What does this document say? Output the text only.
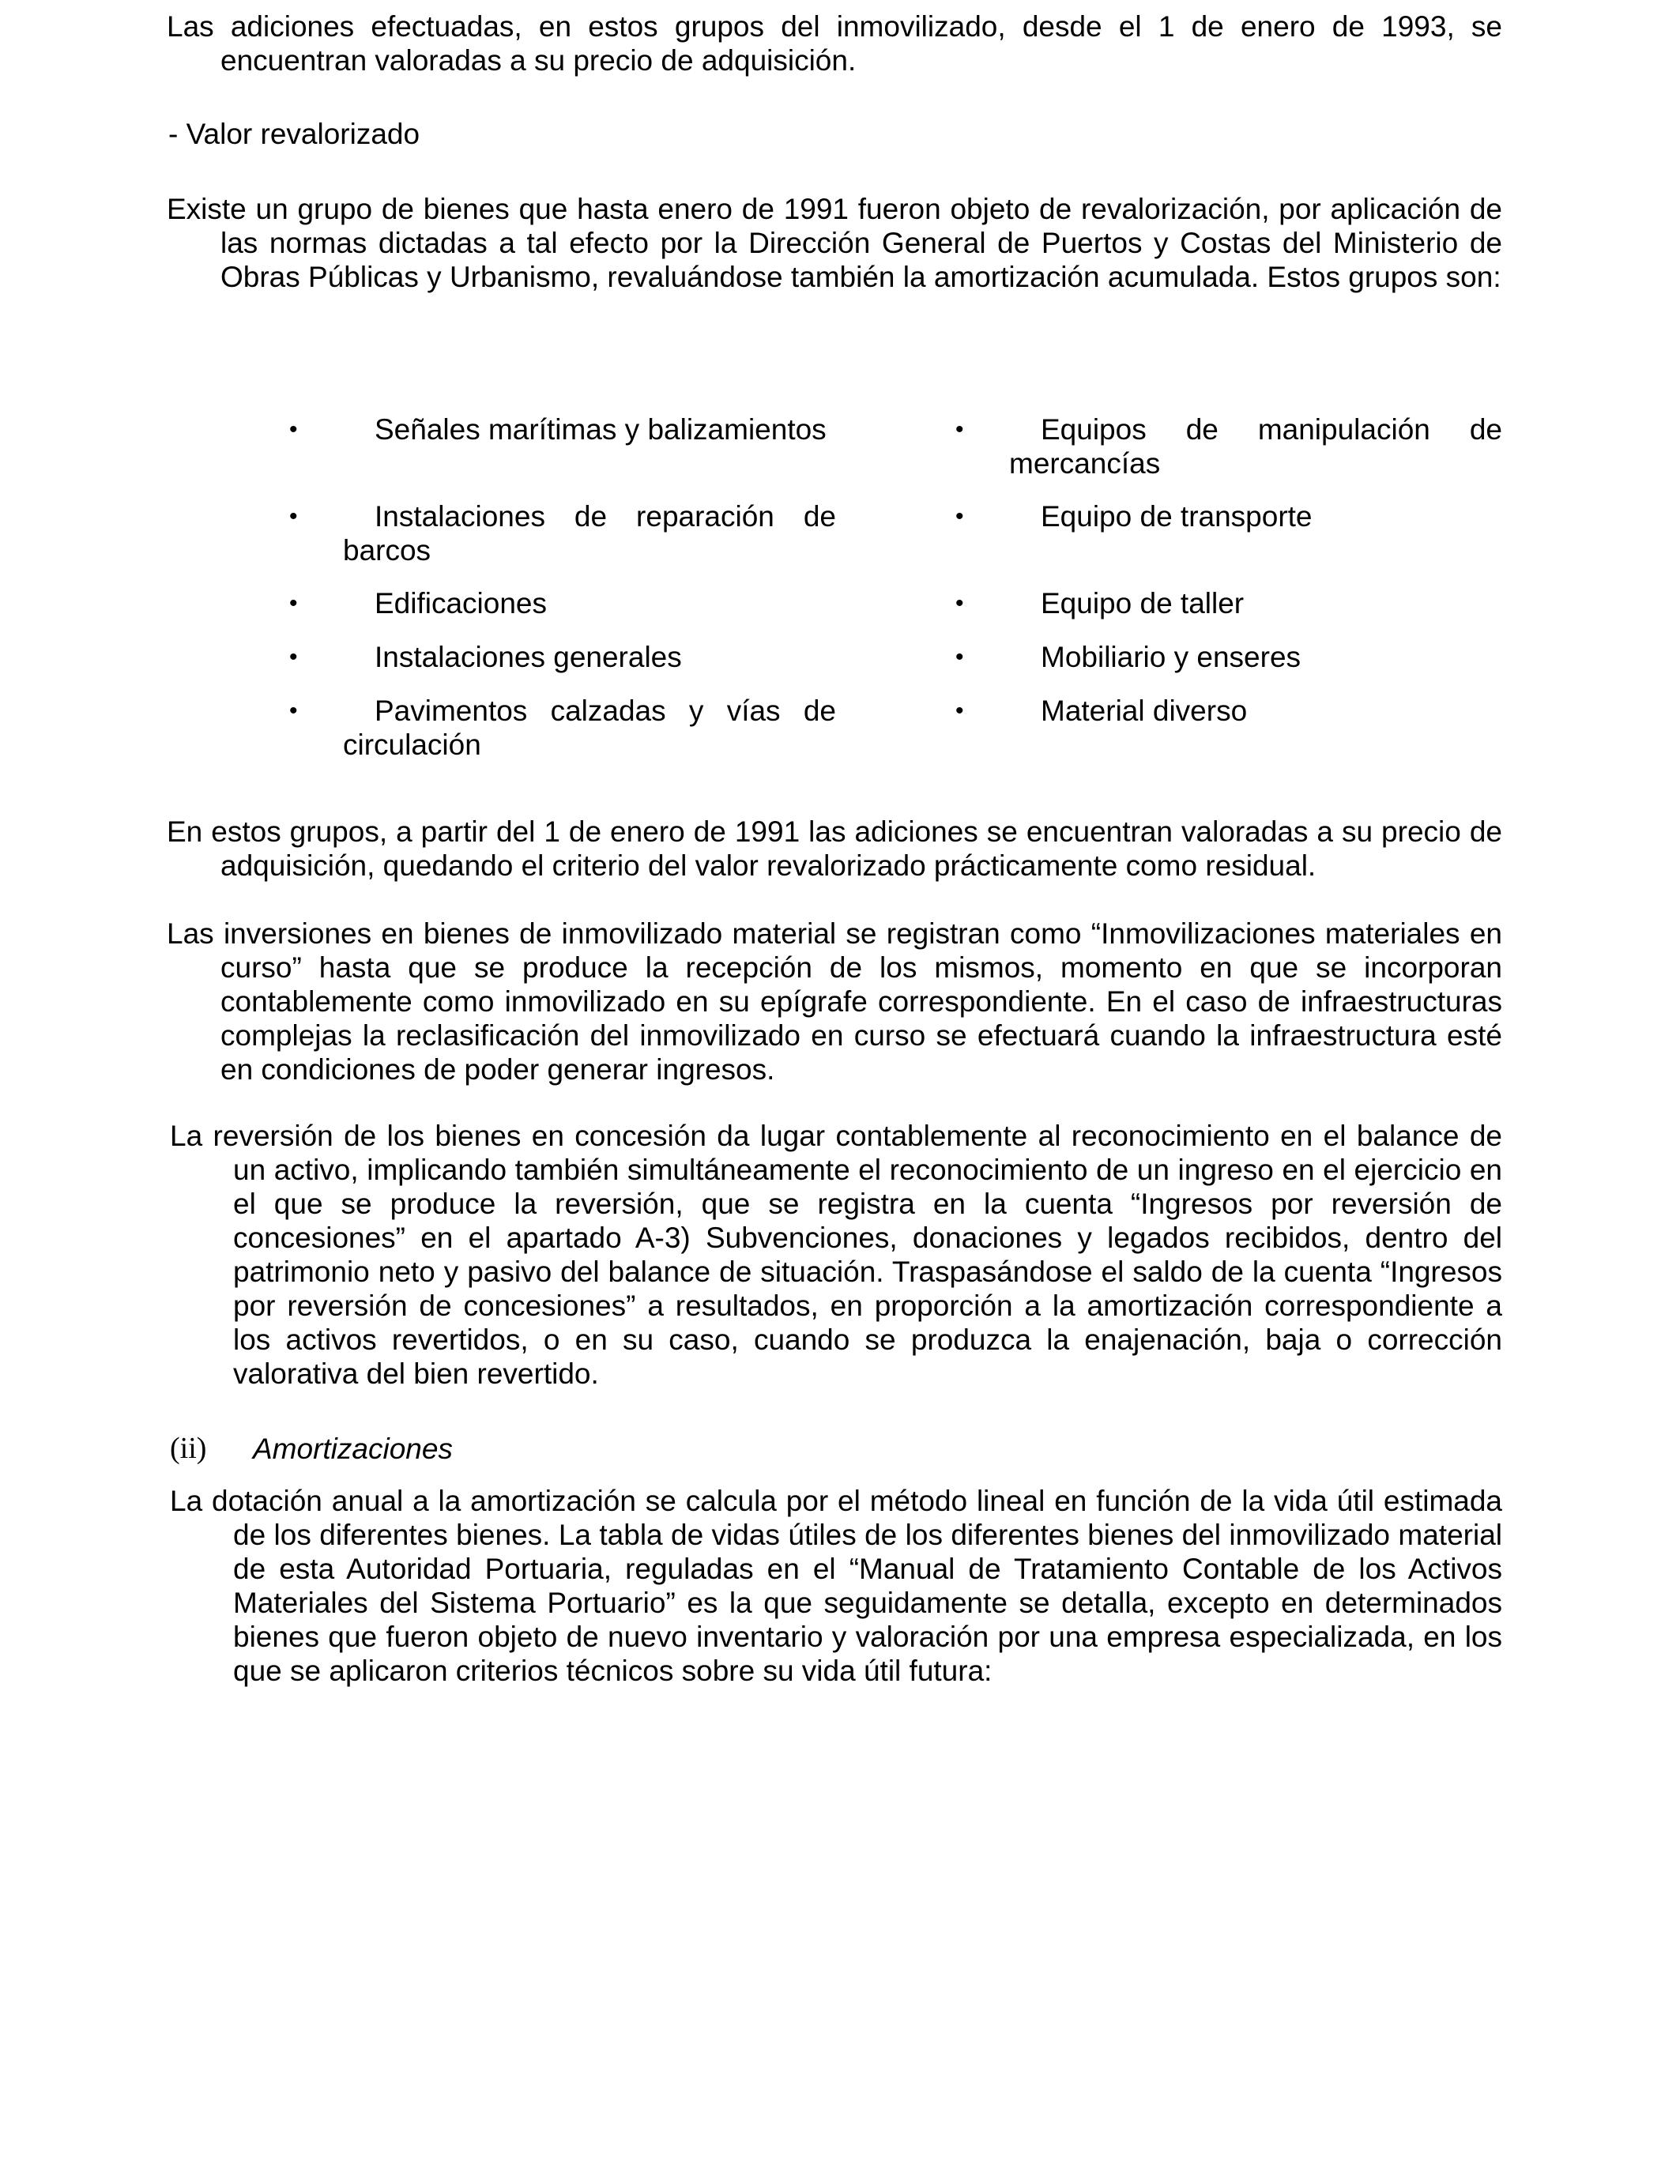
Las adiciones efectuadas, en estos grupos del inmovilizado, desde el 1 de enero de 1993, se encuentran valoradas a su precio de adquisición.

- Valor revalorizado

Existe un grupo de bienes que hasta enero de 1991 fueron objeto de revalorización, por aplicación de las normas dictadas a tal efecto por la Dirección General de Puertos y Costas del Ministerio de Obras Públicas y Urbanismo, revaluándose también la amortización acumulada. Estos grupos son:

•	Señales marítimas y balizamientos
•	Instalaciones de reparación de barcos
•	Edificaciones
•	Instalaciones generales
•	Pavimentos calzadas y vías de circulación
•	Equipos de manipulación de mercancías
•	Equipo de transporte
•	Equipo de taller
•	Mobiliario y enseres
•	Material diverso

En estos grupos, a partir del 1 de enero de 1991 las adiciones se encuentran valoradas a su precio de adquisición, quedando el criterio del valor revalorizado prácticamente como residual.

Las inversiones en bienes de inmovilizado material se registran como “Inmovilizaciones materiales en curso” hasta que se produce la recepción de los mismos, momento en que se incorporan contablemente como inmovilizado en su epígrafe correspondiente. En el caso de infraestructuras complejas la reclasificación del inmovilizado en curso se efectuará cuando la infraestructura esté en condiciones de poder generar ingresos.

La reversión de los bienes en concesión da lugar contablemente al reconocimiento en el balance de un activo, implicando también simultáneamente el reconocimiento de un ingreso en el ejercicio en el que se produce la reversión, que se registra en la cuenta “Ingresos por reversión de concesiones” en el apartado A-3) Subvenciones, donaciones y legados recibidos, dentro del patrimonio neto y pasivo del balance de situación. Traspasándose el saldo de la cuenta “Ingresos por reversión de concesiones” a resultados, en proporción a la amortización correspondiente a los activos revertidos, o en su caso, cuando se produzca la enajenación, baja o corrección valorativa del bien revertido.

(ii) Amortizaciones

La dotación anual a la amortización se calcula por el método lineal en función de la vida útil estimada de los diferentes bienes. La tabla de vidas útiles de los diferentes bienes del inmovilizado material de esta Autoridad Portuaria, reguladas en el “Manual de Tratamiento Contable de los Activos Materiales del Sistema Portuario” es la que seguidamente se detalla, excepto en determinados bienes que fueron objeto de nuevo inventario y valoración por una empresa especializada, en los que se aplicaron criterios técnicos sobre su vida útil futura:
